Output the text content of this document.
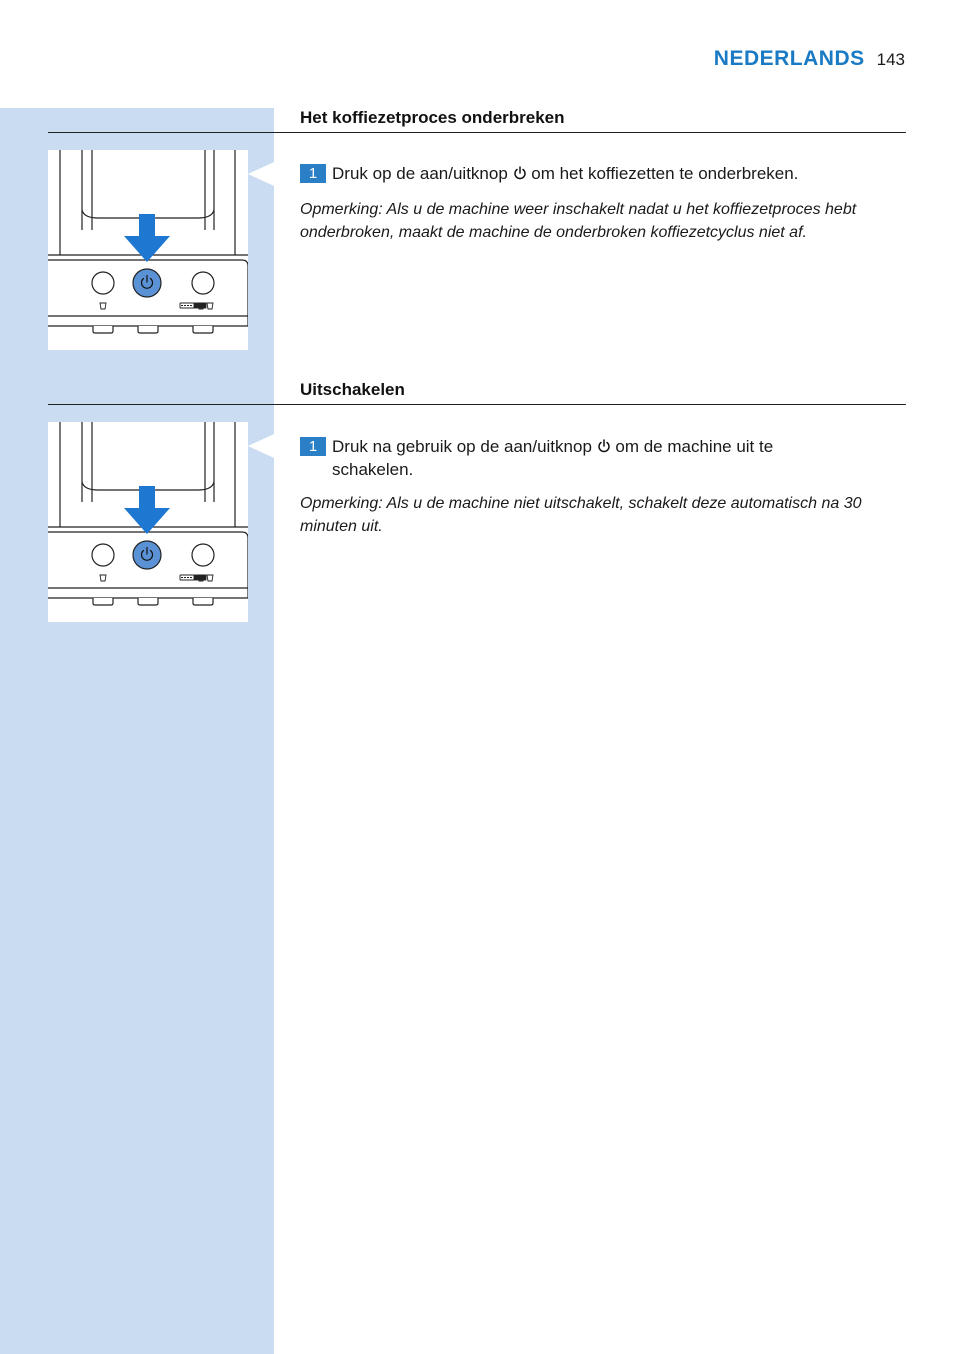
NEDERLANDS 143
Het koffiezetproces onderbreken
1 Druk op de aan/uitknop om het koffiezetten te onderbreken.
Opmerking: Als u de machine weer inschakelt nadat u het koffiezetproces hebt onderbroken, maakt de machine de onderbroken koffiezetcyclus niet af.
Uitschakelen
1 Druk na gebruik op de aan/uitknop om de machine uit te schakelen.
Opmerking: Als u de machine niet uitschakelt, schakelt deze automatisch na 30 minuten uit.
